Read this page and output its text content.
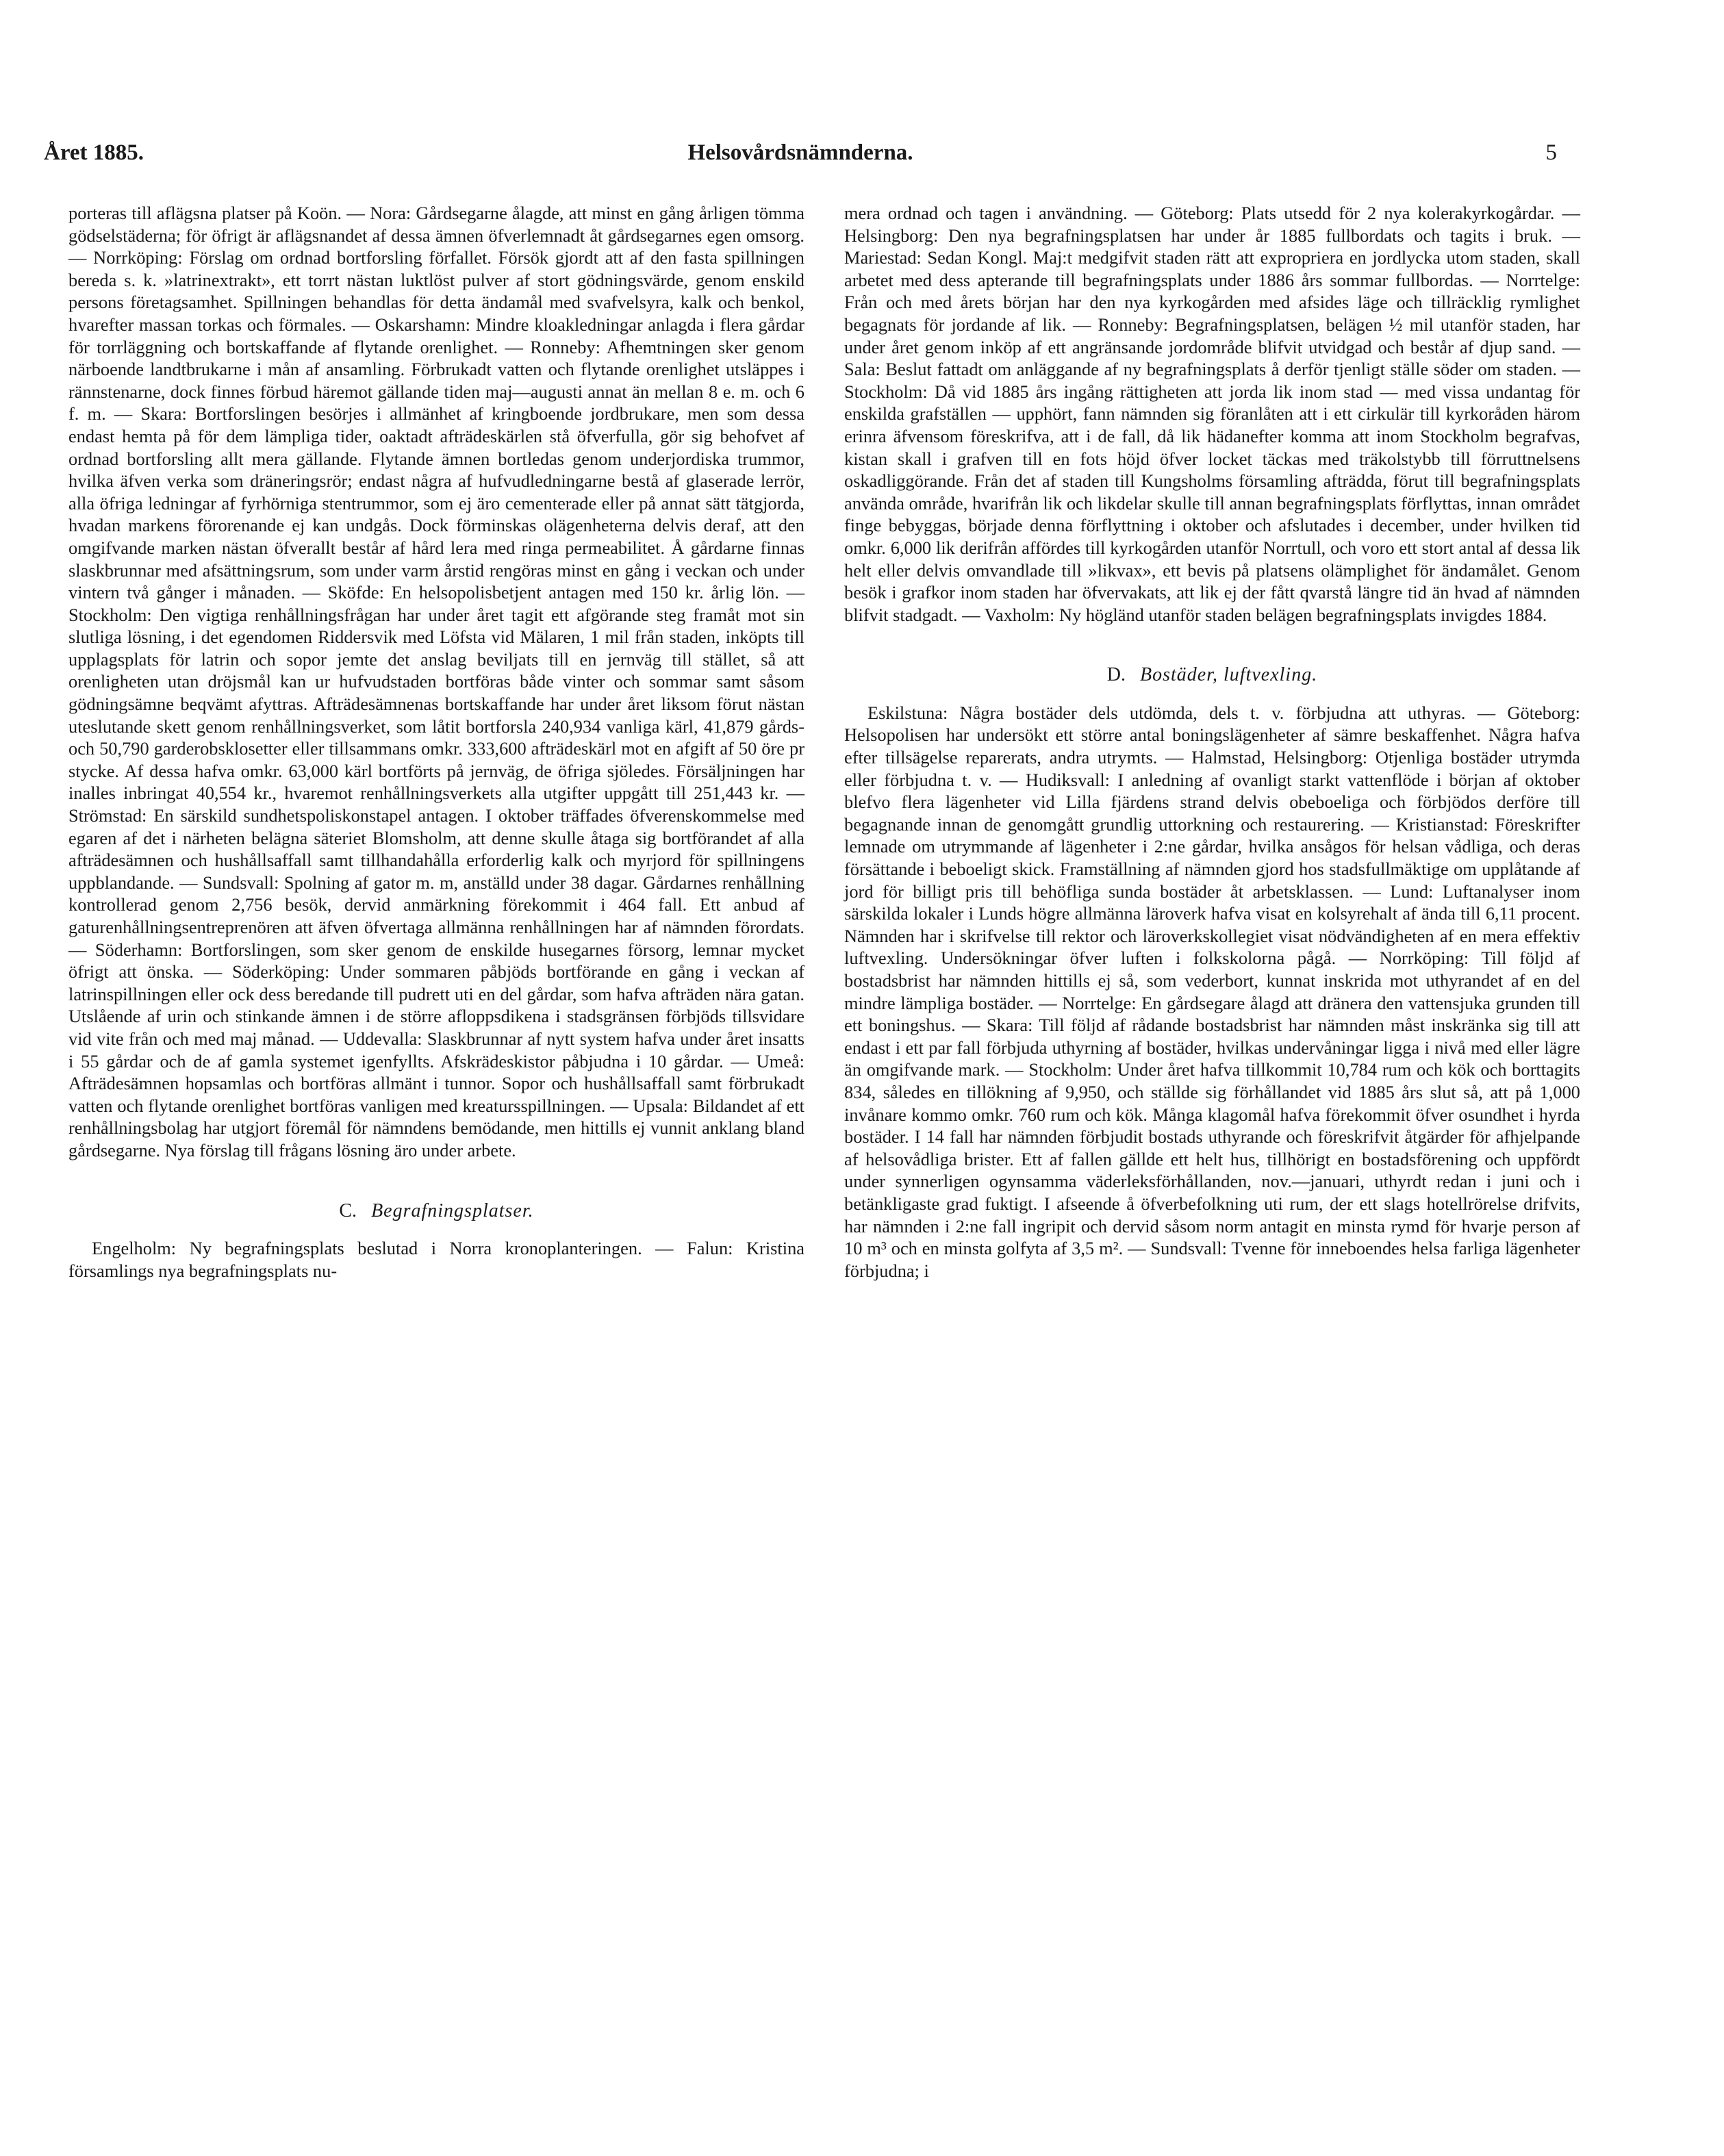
Året 1885.	Helsovårdsnämnderna.	5

porteras till aflägsna platser på Koön. — Nora: Gårdsegarne ålagde, att minst en gång årligen tömma gödselstäderna; för öfrigt är aflägsnandet af dessa ämnen öfverlemnadt åt gårdsegarnes egen omsorg. — Norrköping: Förslag om ordnad bortforsling förfallet. Försök gjordt att af den fasta spillningen bereda s. k. »latrinextrakt», ett torrt nästan luktlöst pulver af stort gödningsvärde, genom enskild persons företagsamhet. Spillningen behandlas för detta ändamål med svafvelsyra, kalk och benkol, hvarefter massan torkas och förmales. — Oskarshamn: Mindre kloakledningar anlagda i flera gårdar för torrläggning och bortskaffande af flytande orenlighet. — Ronneby: Afhemtningen sker genom närboende landtbrukarne i mån af ansamling. Förbrukadt vatten och flytande orenlighet utsläppes i rännstenarne, dock finnes förbud häremot gällande tiden maj—augusti annat än mellan 8 e. m. och 6 f. m. — Skara: Bortforslingen besörjes i allmänhet af kringboende jordbrukare, men som dessa endast hemta på för dem lämpliga tider, oaktadt afträdeskärlen stå öfverfulla, gör sig behofvet af ordnad bortforsling allt mera gällande. Flytande ämnen bortledas genom underjordiska trummor, hvilka äfven verka som dräneringsrör; endast några af hufvudledningarne bestå af glaserade lerrör, alla öfriga ledningar af fyrhörniga stentrummor, som ej äro cementerade eller på annat sätt tätgjorda, hvadan markens förorenande ej kan undgås. Dock förminskas olägenheterna delvis deraf, att den omgifvande marken nästan öfverallt består af hård lera med ringa permeabilitet. Å gårdarne finnas slaskbrunnar med afsättningsrum, som under varm årstid rengöras minst en gång i veckan och under vintern två gånger i månaden. — Sköfde: En helsopolisbetjent antagen med 150 kr. årlig lön. — Stockholm: Den vigtiga renhållningsfrågan har under året tagit ett afgörande steg framåt mot sin slutliga lösning, i det egendomen Riddersvik med Löfsta vid Mälaren, 1 mil från staden, inköpts till upplagsplats för latrin och sopor jemte det anslag beviljats till en jernväg till stället, så att orenligheten utan dröjsmål kan ur hufvudstaden bortföras både vinter och sommar samt såsom gödningsämne beqvämt afyttras. Afträdesämnenas bortskaffande har under året liksom förut nästan uteslutande skett genom renhållningsverket, som låtit bortforsla 240,934 vanliga kärl, 41,879 gårds- och 50,790 garderobsklosetter eller tillsammans omkr. 333,600 afträdeskärl mot en afgift af 50 öre pr stycke. Af dessa hafva omkr. 63,000 kärl bortförts på jernväg, de öfriga sjöledes. Försäljningen har inalles inbringat 40,554 kr., hvaremot renhållningsverkets alla utgifter uppgått till 251,443 kr. — Strömstad: En särskild sundhetspoliskonstapel antagen. I oktober träffades öfverenskommelse med egaren af det i närheten belägna säteriet Blomsholm, att denne skulle åtaga sig bortförandet af alla afträdesämnen och hushållsaffall samt tillhandahålla erforderlig kalk och myrjord för spillningens uppblandande. — Sundsvall: Spolning af gator m. m, anställd under 38 dagar. Gårdarnes renhållning kontrollerad genom 2,756 besök, dervid anmärkning förekommit i 464 fall. Ett anbud af gaturenhållningsentreprenören att äfven öfvertaga allmänna renhållningen har af nämnden förordats. — Söderhamn: Bortforslingen, som sker genom de enskilde husegarnes försorg, lemnar mycket öfrigt att önska. — Söderköping: Under sommaren påbjöds bortförande en gång i veckan af latrinspillningen eller ock dess beredande till pudrett uti en del gårdar, som hafva afträden nära gatan. Utslående af urin och stinkande ämnen i de större afloppsdikena i stadsgränsen förbjöds tillsvidare vid vite från och med maj månad. — Uddevalla: Slaskbrunnar af nytt system hafva under året insatts i 55 gårdar och de af gamla systemet igenfyllts. Afskrädeskistor påbjudna i 10 gårdar. — Umeå: Afträdesämnen hopsamlas och bortföras allmänt i tunnor. Sopor och hushållsaffall samt förbrukadt vatten och flytande orenlighet bortföras vanligen med kreatursspillningen. — Upsala: Bildandet af ett renhållningsbolag har utgjort föremål för nämndens bemödande, men hittills ej vunnit anklang bland gårdsegarne. Nya förslag till frågans lösning äro under arbete.

C. Begrafningsplatser.

Engelholm: Ny begrafningsplats beslutad i Norra kronoplanteringen. — Falun: Kristina församlings nya begrafningsplats nu-

mera ordnad och tagen i användning. — Göteborg: Plats utsedd för 2 nya kolerakyrkogårdar. — Helsingborg: Den nya begrafningsplatsen har under år 1885 fullbordats och tagits i bruk. — Mariestad: Sedan Kongl. Maj:t medgifvit staden rätt att expropriera en jordlycka utom staden, skall arbetet med dess apterande till begrafningsplats under 1886 års sommar fullbordas. — Norrtelge: Från och med årets början har den nya kyrkogården med afsides läge och tillräcklig rymlighet begagnats för jordande af lik. — Ronneby: Begrafningsplatsen, belägen ½ mil utanför staden, har under året genom inköp af ett angränsande jordområde blifvit utvidgad och består af djup sand. — Sala: Beslut fattadt om anläggande af ny begrafningsplats å derför tjenligt ställe söder om staden. — Stockholm: Då vid 1885 års ingång rättigheten att jorda lik inom stad — med vissa undantag för enskilda grafställen — upphört, fann nämnden sig föranlåten att i ett cirkulär till kyrkoråden härom erinra äfvensom föreskrifva, att i de fall, då lik hädanefter komma att inom Stockholm begrafvas, kistan skall i grafven till en fots höjd öfver locket täckas med träkolstybb till förruttnelsens oskadliggörande. Från det af staden till Kungsholms församling afträdda, förut till begrafningsplats använda område, hvarifrån lik och likdelar skulle till annan begrafningsplats förflyttas, innan området finge bebyggas, började denna förflyttning i oktober och afslutades i december, under hvilken tid omkr. 6,000 lik derifrån affördes till kyrkogården utanför Norrtull, och voro ett stort antal af dessa lik helt eller delvis omvandlade till »likvax», ett bevis på platsens olämplighet för ändamålet. Genom besök i grafkor inom staden har öfvervakats, att lik ej der fått qvarstå längre tid än hvad af nämnden blifvit stadgadt. — Vaxholm: Ny högländ utanför staden belägen begrafningsplats invigdes 1884.

D. Bostäder, luftvexling.

Eskilstuna: Några bostäder dels utdömda, dels t. v. förbjudna att uthyras. — Göteborg: Helsopolisen har undersökt ett större antal boningslägenheter af sämre beskaffenhet. Några hafva efter tillsägelse reparerats, andra utrymts. — Halmstad, Helsingborg: Otjenliga bostäder utrymda eller förbjudna t. v. — Hudiksvall: I anledning af ovanligt starkt vattenflöde i början af oktober blefvo flera lägenheter vid Lilla fjärdens strand delvis obeboeliga och förbjödos derföre till begagnande innan de genomgått grundlig uttorkning och restaurering. — Kristianstad: Föreskrifter lemnade om utrymmande af lägenheter i 2:ne gårdar, hvilka ansågos för helsan vådliga, och deras försättande i beboeligt skick. Framställning af nämnden gjord hos stadsfullmäktige om upplåtande af jord för billigt pris till behöfliga sunda bostäder åt arbetsklassen. — Lund: Luftanalyser inom särskilda lokaler i Lunds högre allmänna läroverk hafva visat en kolsyrehalt af ända till 6,11 procent. Nämnden har i skrifvelse till rektor och läroverkskollegiet visat nödvändigheten af en mera effektiv luftvexling. Undersökningar öfver luften i folkskolorna pågå. — Norrköping: Till följd af bostadsbrist har nämnden hittills ej så, som vederbort, kunnat inskrida mot uthyrandet af en del mindre lämpliga bostäder. — Norrtelge: En gårdsegare ålagd att dränera den vattensjuka grunden till ett boningshus. — Skara: Till följd af rådande bostadsbrist har nämnden måst inskränka sig till att endast i ett par fall förbjuda uthyrning af bostäder, hvilkas undervåningar ligga i nivå med eller lägre än omgifvande mark. — Stockholm: Under året hafva tillkommit 10,784 rum och kök och borttagits 834, således en tillökning af 9,950, och ställde sig förhållandet vid 1885 års slut så, att på 1,000 invånare kommo omkr. 760 rum och kök. Många klagomål hafva förekommit öfver osundhet i hyrda bostäder. I 14 fall har nämnden förbjudit bostads uthyrande och föreskrifvit åtgärder för afhjelpande af helsovådliga brister. Ett af fallen gällde ett helt hus, tillhörigt en bostadsförening och uppfördt under synnerligen ogynsamma väderleksförhållanden, nov.—januari, uthyrdt redan i juni och i betänkligaste grad fuktigt. I afseende å öfverbefolkning uti rum, der ett slags hotellrörelse drifvits, har nämnden i 2:ne fall ingripit och dervid såsom norm antagit en minsta rymd för hvarje person af 10 m³ och en minsta golfyta af 3,5 m². — Sundsvall: Tvenne för inneboendes helsa farliga lägenheter förbjudna; i
